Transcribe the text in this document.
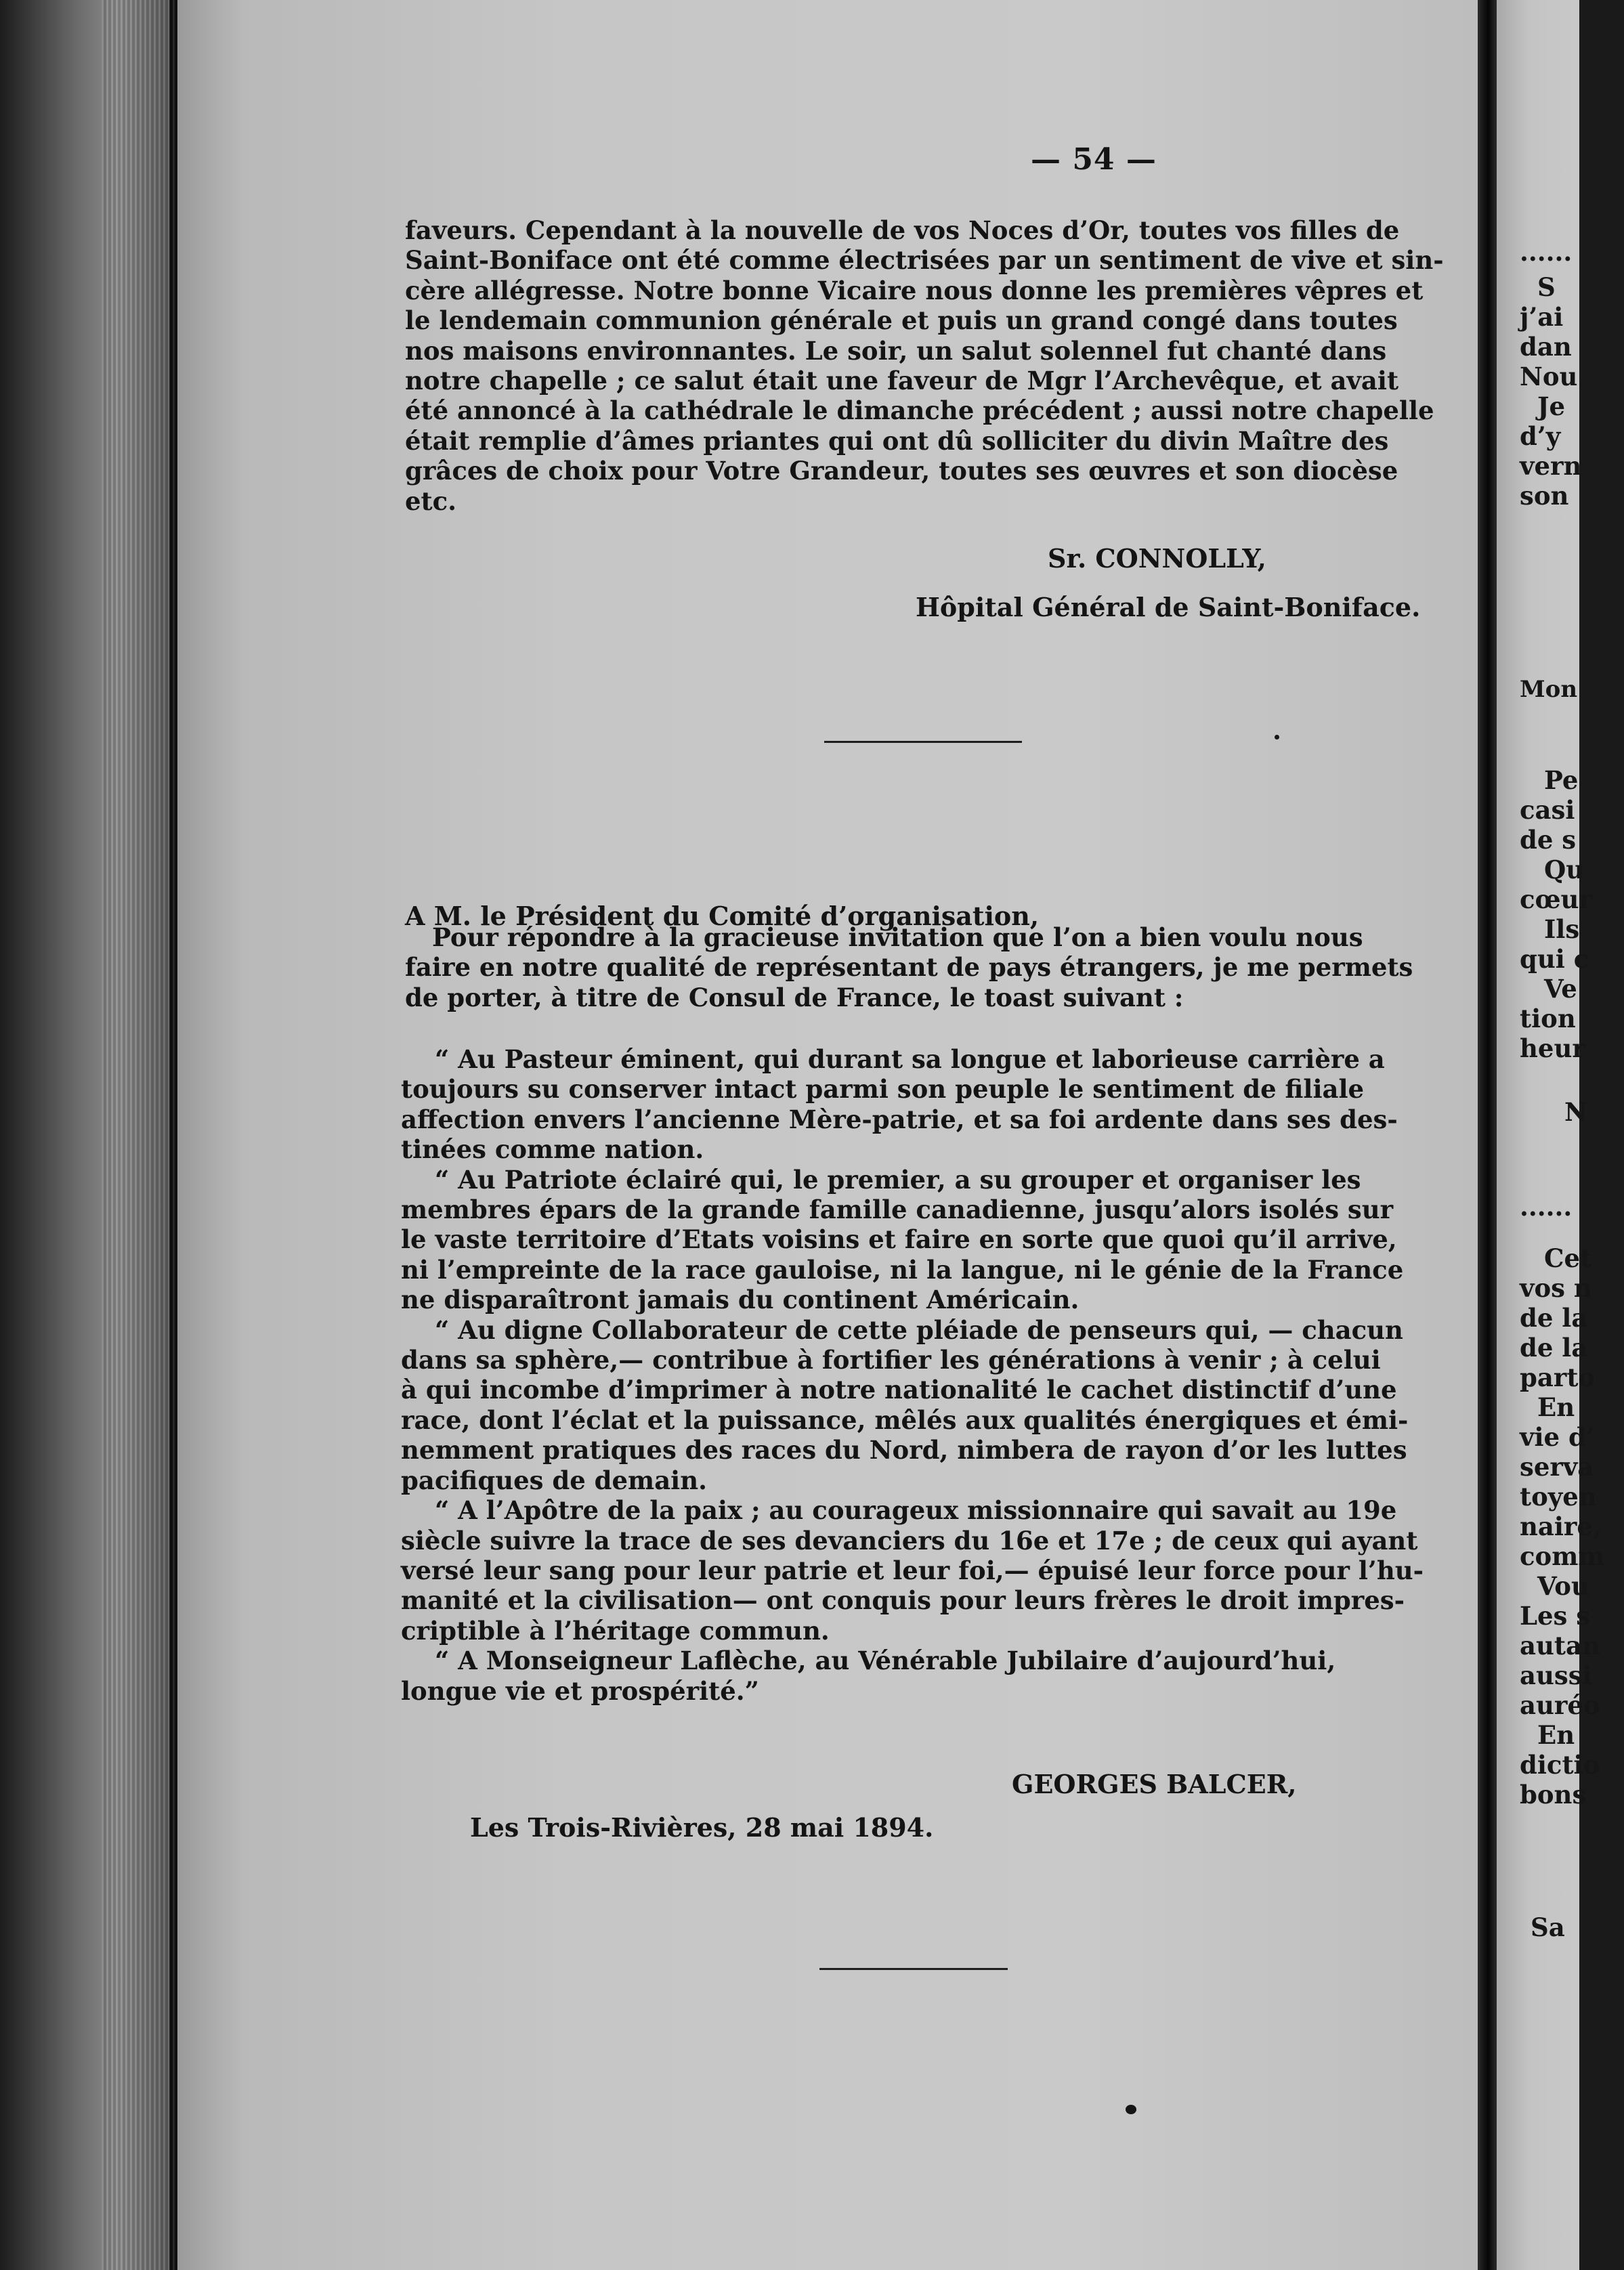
— 54 —

faveurs. Cependant à la nouvelle de vos Noces d’Or, toutes vos filles de
Saint-Boniface ont été comme électrisées par un sentiment de vive et sin-
cère allégresse. Notre bonne Vicaire nous donne les premières vêpres et
le lendemain communion générale et puis un grand congé dans toutes
nos maisons environnantes. Le soir, un salut solennel fut chanté dans
notre chapelle ; ce salut était une faveur de Mgr l’Archevêque, et avait
été annoncé à la cathédrale le dimanche précédent ; aussi notre chapelle
était remplie d’âmes priantes qui ont dû solliciter du divin Maître des
grâces de choix pour Votre Grandeur, toutes ses œuvres et son diocèse
etc.

Sr. CONNOLLY,

Hôpital Général de Saint-Boniface.

A M. le Président du Comité d’organisation,

Pour répondre à la gracieuse invitation que l’on a bien voulu nous
faire en notre qualité de représentant de pays étrangers, je me permets
de porter, à titre de Consul de France, le toast suivant :
“ Au Pasteur éminent, qui durant sa longue et laborieuse carrière a
toujours su conserver intact parmi son peuple le sentiment de filiale
affection envers l’ancienne Mère-patrie, et sa foi ardente dans ses des-
tinées comme nation.
“ Au Patriote éclairé qui, le premier, a su grouper et organiser les
membres épars de la grande famille canadienne, jusqu’alors isolés sur
le vaste territoire d’Etats voisins et faire en sorte que quoi qu’il arrive,
ni l’empreinte de la race gauloise, ni la langue, ni le génie de la France
ne disparaîtront jamais du continent Américain.
“ Au digne Collaborateur de cette pléiade de penseurs qui, — chacun
dans sa sphère,— contribue à fortifier les générations à venir ; à celui
à qui incombe d’imprimer à notre nationalité le cachet distinctif d’une
race, dont l’éclat et la puissance, mêlés aux qualités énergiques et émi-
nemment pratiques des races du Nord, nimbera de rayon d’or les luttes
pacifiques de demain.
“ A l’Apôtre de la paix ; au courageux missionnaire qui savait au 19e
siècle suivre la trace de ses devanciers du 16e et 17e ; de ceux qui ayant
versé leur sang pour leur patrie et leur foi,— épuisé leur force pour l’hu-
manité et la civilisation— ont conquis pour leurs frères le droit impres-
criptible à l’héritage commun.
“ A Monseigneur Laflèche, au Vénérable Jubilaire d’aujourd’hui,
longue vie et prospérité.”

GEORGES BALCER,

Les Trois-Rivières, 28 mai 1894.

......

S

j’ai

dan

Nou

Je

d’y

vern

son

Mon

Pe

casi

de s

Qu

cœur

Ils

qui c

Ve

tion

heur

N

......

Cet

vos n

de la

de la

parto

En

vie d’

serva

toyen

naire,

comm

Vou

Les s

autan

aussi

auréo

En

dictio

bons

Sa
